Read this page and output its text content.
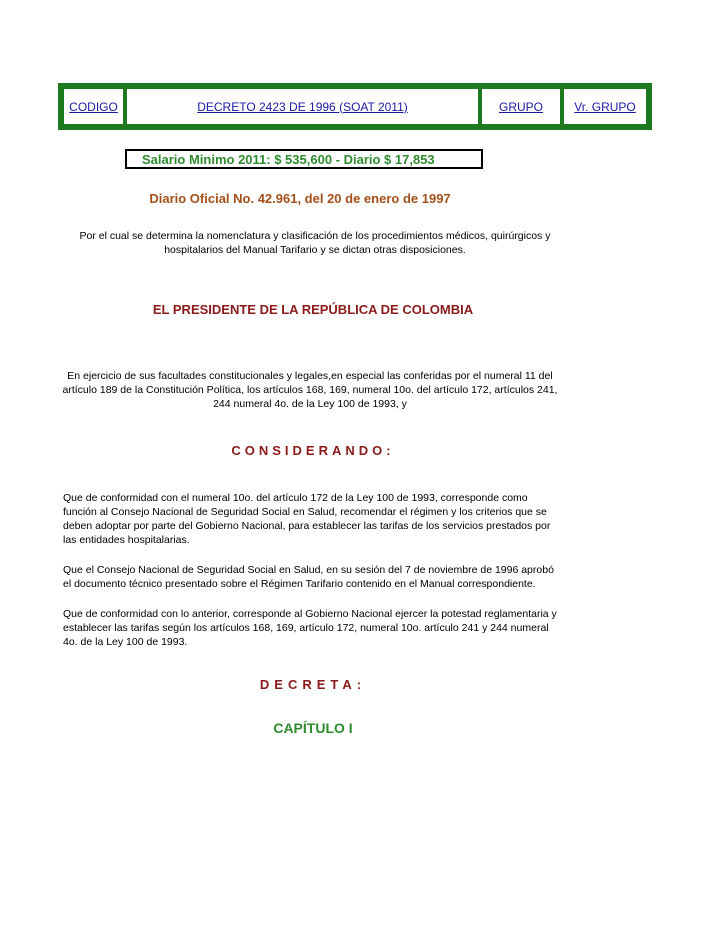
CODIGO	DECRETO 2423 DE 1996 (SOAT 2011)	GRUPO	Vr. GRUPO
Salario Minimo 2011: $ 535,600 - Diario $ 17,853
Diario Oficial No. 42.961, del 20 de enero de 1997
Por el cual se determina la nomenclatura y clasificación de los procedimientos médicos, quirúrgicos y hospitalarios del Manual Tarifario y se dictan otras disposiciones.
EL PRESIDENTE DE LA REPÚBLICA DE COLOMBIA
En ejercicio de sus facultades constitucionales y legales,en especial las conferidas por el numeral 11 del artículo 189 de la Constitución Política, los artículos 168, 169, numeral 10o. del artículo 172, artículos 241, 244 numeral 4o. de la Ley 100 de 1993, y
CONSIDERANDO:
Que de conformidad con el numeral 10o. del artículo 172 de la Ley 100 de 1993, corresponde como función al Consejo Nacional de Seguridad Social en Salud, recomendar el régimen y los criterios que se deben adoptar por parte del Gobierno Nacional, para establecer las tarifas de los servicios prestados por las entidades hospitalarias.
Que el Consejo Nacional de Seguridad Social en Salud, en su sesión del 7 de noviembre de 1996 aprobó el documento técnico presentado sobre el Régimen Tarifario contenido en el Manual correspondiente.
Que de conformidad con lo anterior, corresponde al Gobierno Nacional ejercer la potestad reglamentaria y establecer las tarifas según los artículos 168, 169, artículo 172, numeral 10o. artículo 241 y 244 numeral 4o. de la Ley 100 de 1993.
DECRETA:
CAPÍTULO I
